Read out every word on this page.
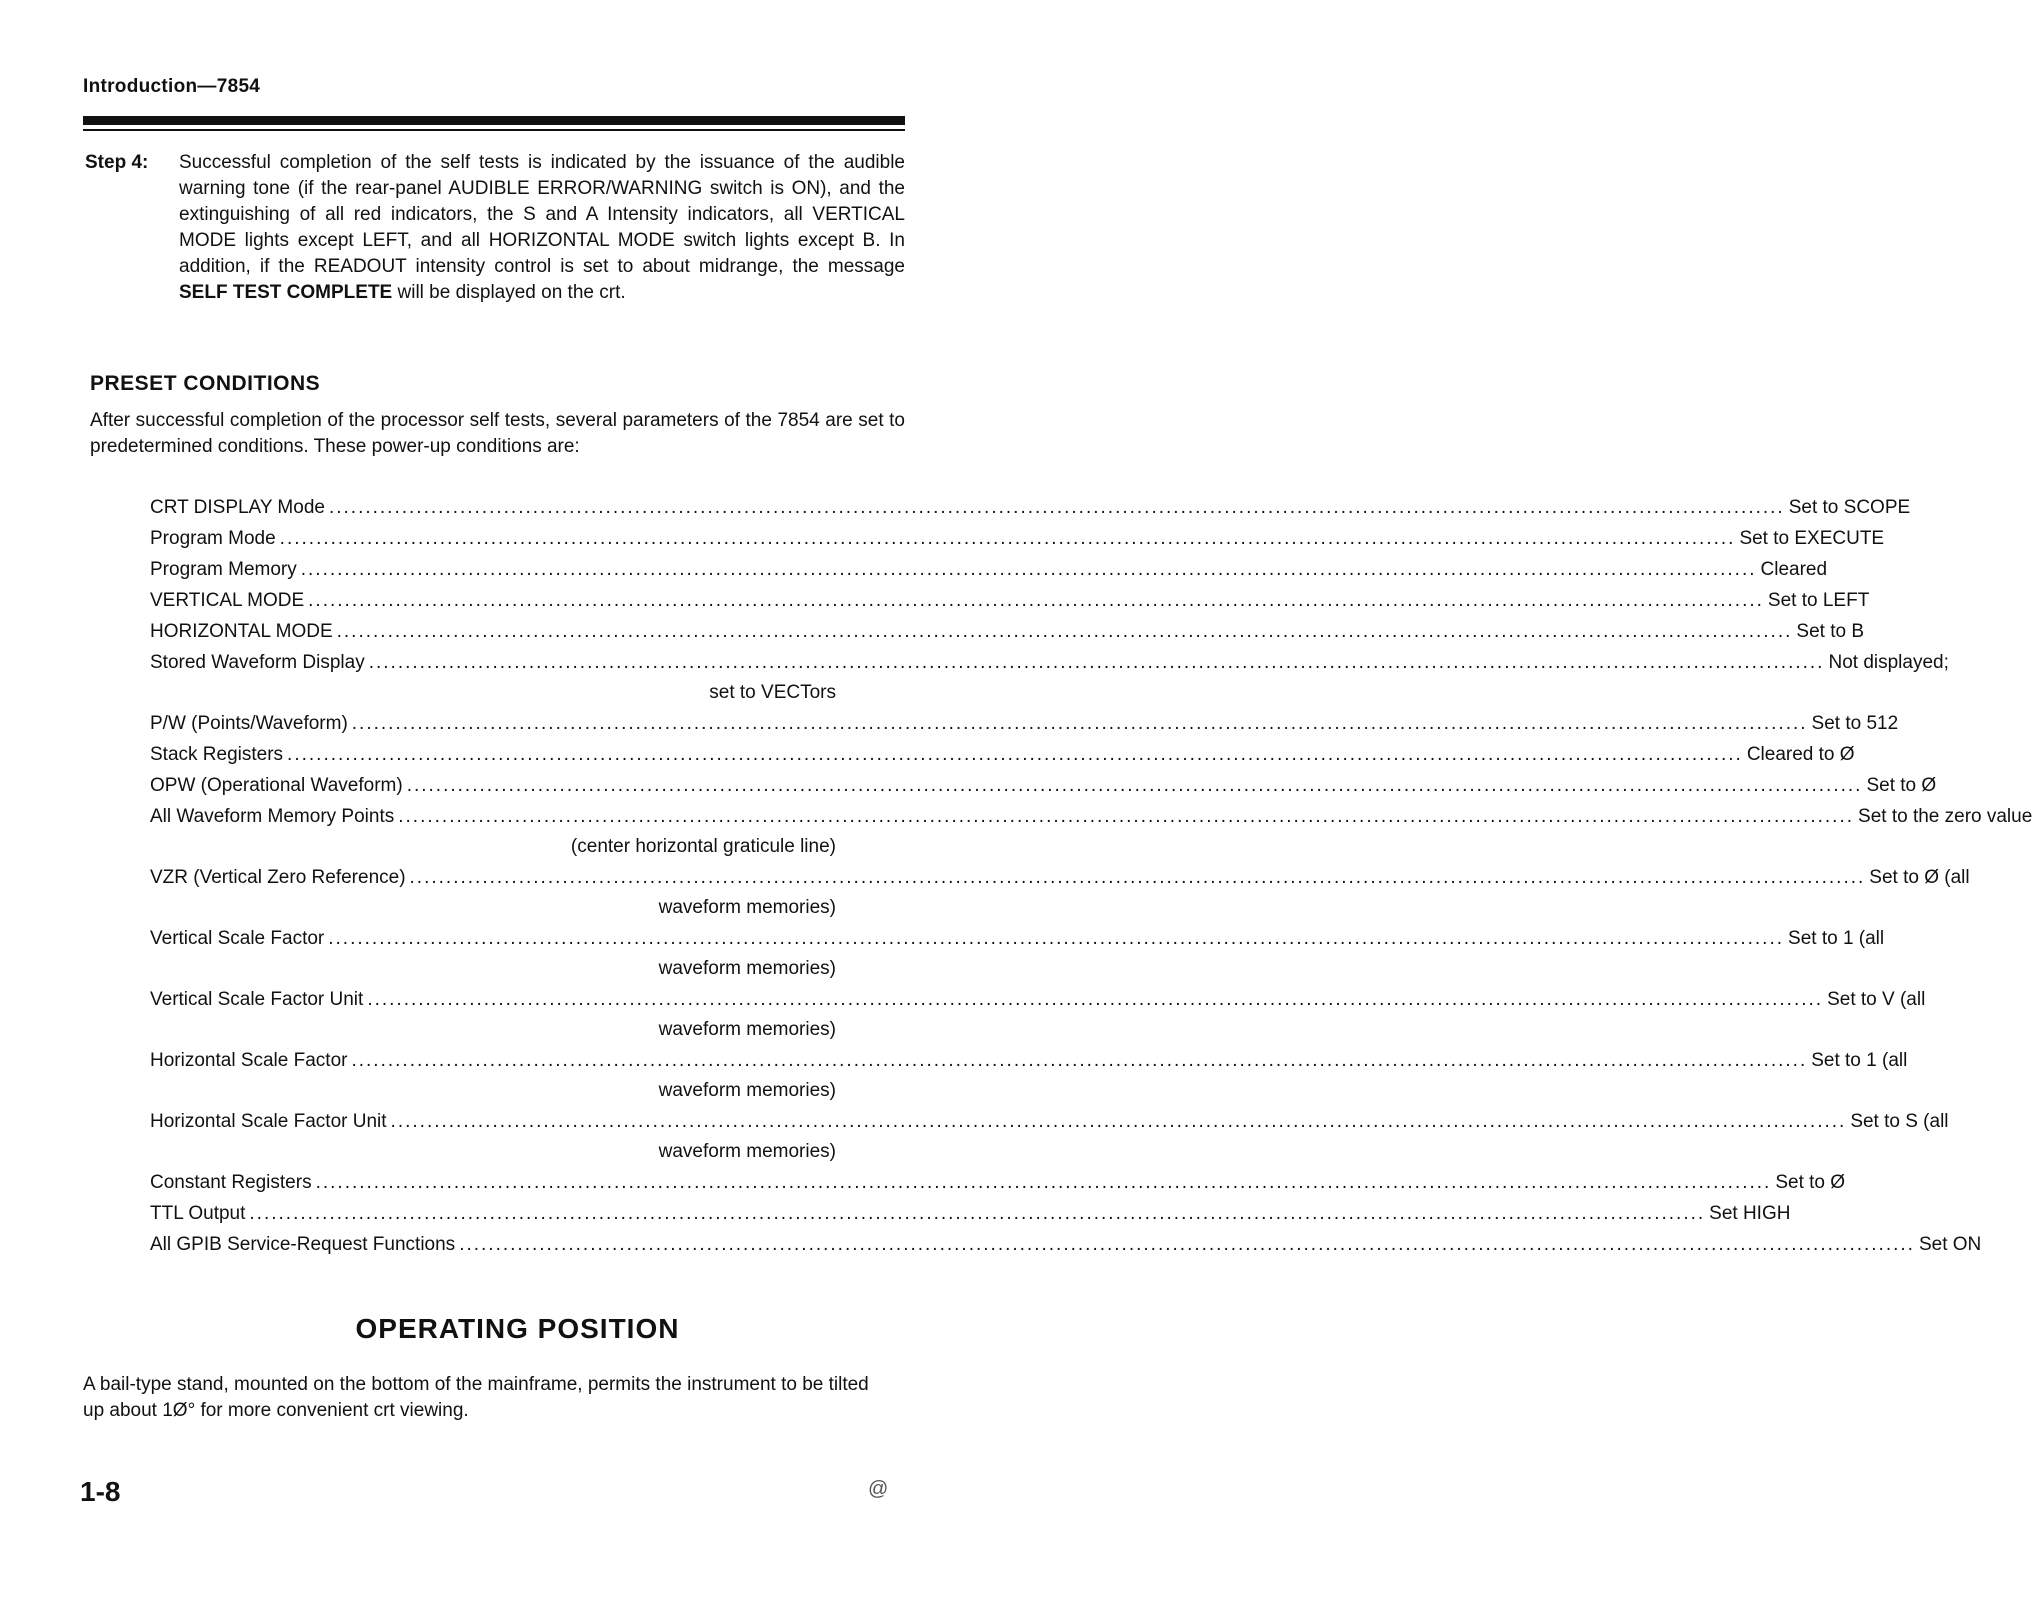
Introduction—7854
Step 4: Successful completion of the self tests is indicated by the issuance of the audible warning tone (if the rear-panel AUDIBLE ERROR/WARNING switch is ON), and the extinguishing of all red indicators, the S and A Intensity indicators, all VERTICAL MODE lights except LEFT, and all HORIZONTAL MODE switch lights except B. In addition, if the READOUT intensity control is set to about midrange, the message SELF TEST COMPLETE will be displayed on the crt.
PRESET CONDITIONS
After successful completion of the processor self tests, several parameters of the 7854 are set to predetermined conditions. These power-up conditions are:
CRT DISPLAY Mode ........................................................................................................................................................................................................ Set to SCOPE
Program Mode ........................................................................................................................................................................................................ Set to EXECUTE
Program Memory ........................................................................................................................................................................................................ Cleared
VERTICAL MODE ........................................................................................................................................................................................................ Set to LEFT
HORIZONTAL MODE ........................................................................................................................................................................................................ Set to B
Stored Waveform Display ........................................................................................................................................................................................................ Not displayed;
set to VECTors
P/W (Points/Waveform) ........................................................................................................................................................................................................ Set to 512
Stack Registers ........................................................................................................................................................................................................ Cleared to Ø
OPW (Operational Waveform) ........................................................................................................................................................................................................ Set to Ø
All Waveform Memory Points ........................................................................................................................................................................................................ Set to the zero value
(center horizontal graticule line)
VZR (Vertical Zero Reference) ........................................................................................................................................................................................................ Set to Ø (all
waveform memories)
Vertical Scale Factor ........................................................................................................................................................................................................ Set to 1 (all
waveform memories)
Vertical Scale Factor Unit ........................................................................................................................................................................................................ Set to V (all
waveform memories)
Horizontal Scale Factor ........................................................................................................................................................................................................ Set to 1 (all
waveform memories)
Horizontal Scale Factor Unit ........................................................................................................................................................................................................ Set to S (all
waveform memories)
Constant Registers ........................................................................................................................................................................................................ Set to Ø
TTL Output ........................................................................................................................................................................................................ Set HIGH
All GPIB Service-Request Functions ........................................................................................................................................................................................................ Set ON
OPERATING POSITION
A bail-type stand, mounted on the bottom of the mainframe, permits the instrument to be tilted up about 1Ø° for more convenient crt viewing.
1-8	@
